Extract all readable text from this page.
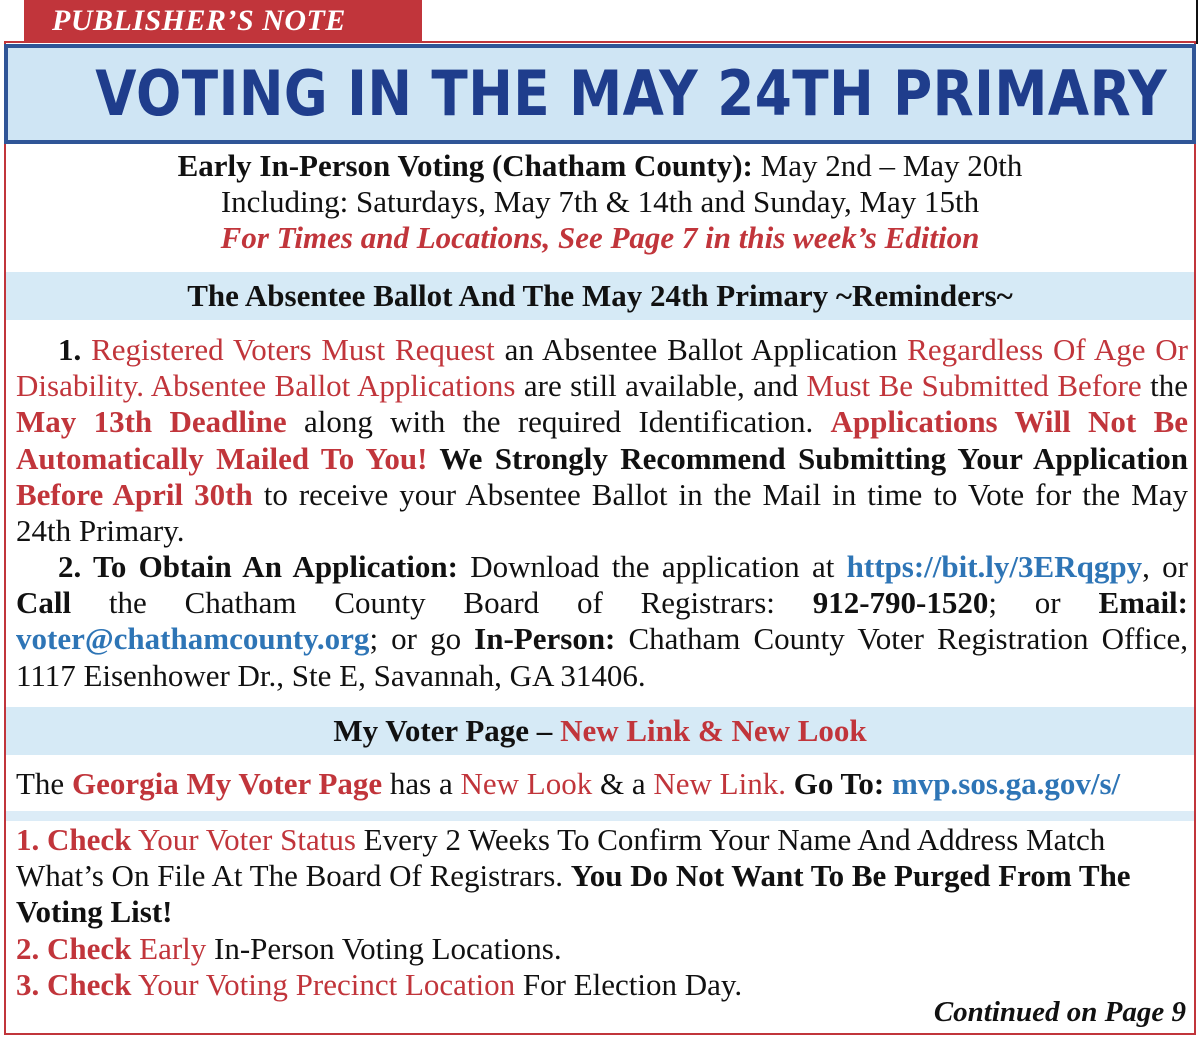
PUBLISHER’S NOTE
VOTING IN THE MAY 24TH PRIMARY
Early In-Person Voting (Chatham County): May 2nd – May 20th
Including: Saturdays, May 7th & 14th and Sunday, May 15th
For Times and Locations, See Page 7 in this week’s Edition
The Absentee Ballot And The May 24th Primary ~Reminders~
1. Registered Voters Must Request an Absentee Ballot Application Regardless Of Age Or Disability. Absentee Ballot Applications are still available, and Must Be Submitted Before the May 13th Deadline along with the required Identification. Applications Will Not Be Automatically Mailed To You! We Strongly Recommend Submitting Your Application Before April 30th to receive your Absentee Ballot in the Mail in time to Vote for the May 24th Primary.
2. To Obtain An Application: Download the application at https://bit.ly/3ERqgpy, or Call the Chatham County Board of Registrars: 912-790-1520; or Email: voter@chathamcounty.org; or go In-Person: Chatham County Voter Registration Office, 1117 Eisenhower Dr., Ste E, Savannah, GA 31406.
My Voter Page – New Link & New Look
The Georgia My Voter Page has a New Look & a New Link. Go To: mvp.sos.ga.gov/s/
1. Check Your Voter Status Every 2 Weeks To Confirm Your Name And Address Match What’s On File At The Board Of Registrars. You Do Not Want To Be Purged From The Voting List!
2. Check Early In-Person Voting Locations.
3. Check Your Voting Precinct Location For Election Day.
Continued on Page 9
